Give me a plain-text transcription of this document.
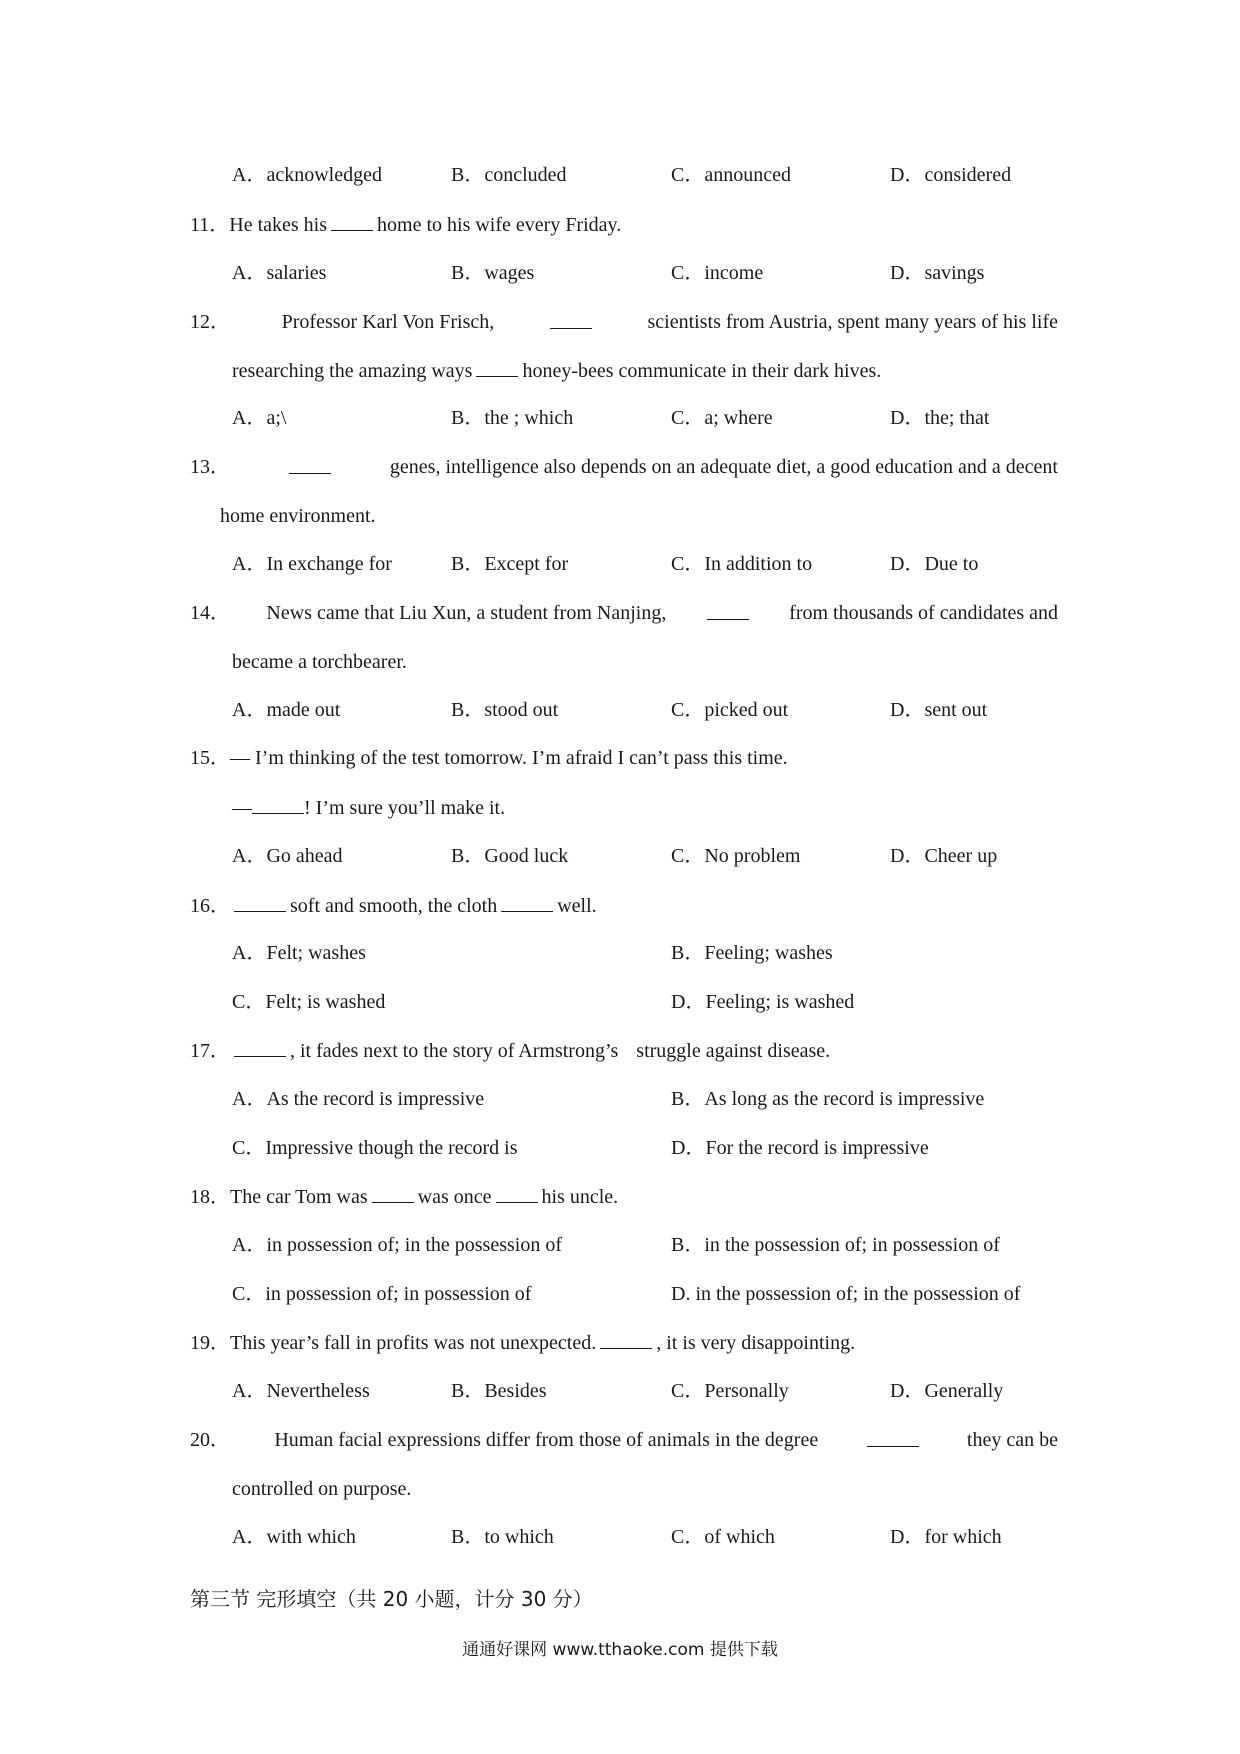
A．acknowledged	B．concluded	C．announced	D．considered
11．He takes his	home to his wife every Friday.
A．salaries	B．wages	C．income	D．savings
12．	Professor Karl Von Frisch,	scientists from Austria, spent many years of his life
researching the amazing ways	honey-bees communicate in their dark hives.
A．a;\	B．the ; which	C．a; where	D．the; that
13．	genes, intelligence also depends on an adequate diet, a good education and a decent
home environment.
A．In exchange for	B．Except for	C．In addition to	D．Due to
14． News came that Liu Xun, a student from Nanjing,	from thousands of candidates and
became a torchbearer.
A．made out	B．stood out	C．picked out	D．sent out
15．— I’m thinking of the test tomorrow. I’m afraid I can’t pass this time.
—	! I’m sure you’ll make it.
A．Go ahead	B．Good luck	C．No problem	D．Cheer up
16．	soft and smooth, the cloth	well.
A．Felt; washes	B．Feeling; washes
C．Felt; is washed	D．Feeling; is washed
17．	, it fades next to the story of Armstrong’s struggle against disease.
A．As the record is impressive	B．As long as the record is impressive
C．Impressive though the record is	D．For the record is impressive
18．The car Tom was	was once	his uncle.
A．in possession of; in the possession of	B．in the possession of; in possession of
C．in possession of; in possession of	D. in the possession of; in the possession of
19．This year’s fall in profits was not unexpected.	, it is very disappointing.
A．Nevertheless	B．Besides	C．Personally	D．Generally
20． Human facial expressions differ from those of animals in the degree	they can be
controlled on purpose.
A．with which	B．to which	C．of which	D．for which
第三节 完形填空（共 20 小题，计分 30 分）
通通好课网 www.tthaoke.com 提供下载
